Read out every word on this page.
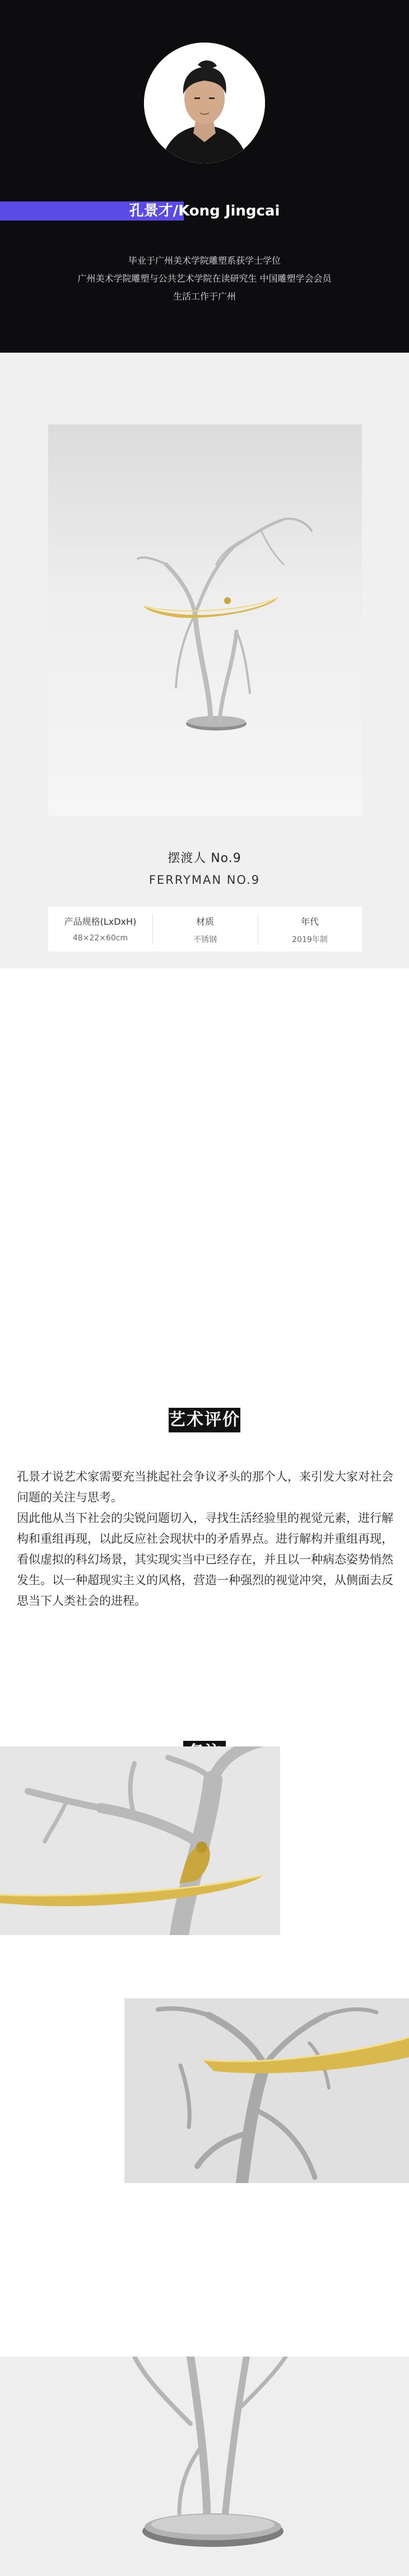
孔景才/Kong Jingcai
毕业于广州美术学院雕塑系获学士学位
广州美术学院雕塑与公共艺术学院在读研究生 中国雕塑学会会员
生活工作于广州
摆渡人 No.9
FERRYMAN NO.9
产品规格(LxDxH)
48×22×60cm
材质
不锈钢
年代
2019年制
艺术评价

孔景才说艺术家需要充当挑起社会争议矛头的那个人，来引发大家对社会问题的关注与思考。

因此他从当下社会的尖锐问题切入，寻找生活经验里的视觉元素，进行解构和重组再现，以此反应社会现状中的矛盾界点。进行解构并重组再现，看似虚拟的科幻场景，其实现实当中已经存在，并且以一种病态姿势悄然发生。以一种超现实主义的风格，营造一种强烈的视觉冲突，从侧面去反思当下人类社会的进程。
